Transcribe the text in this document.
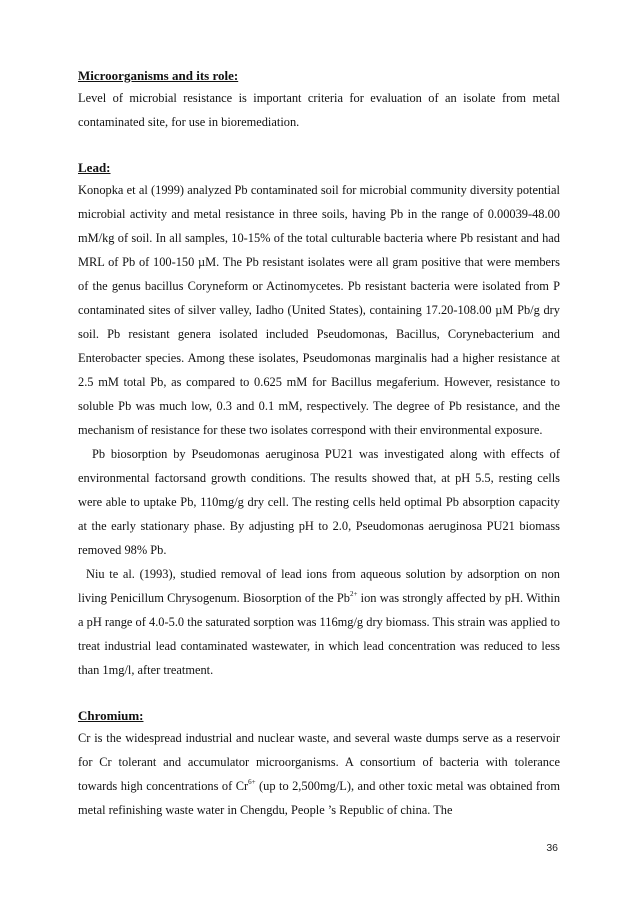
Microorganisms and its role:

Level of microbial resistance is important criteria for evaluation of an isolate from metal contaminated site, for use in bioremediation.

Lead:

Konopka et al (1999) analyzed Pb contaminated soil for microbial community diversity potential microbial activity and metal resistance in three soils, having Pb in the range of 0.00039-48.00 mM/kg of soil. In all samples, 10-15% of the total culturable bacteria where Pb resistant and had MRL of Pb of 100-150 µM. The Pb resistant isolates were all gram positive that were members of the genus bacillus Coryneform or Actinomycetes. Pb resistant bacteria were isolated from P contaminated sites of silver valley, Iadho (United States), containing 17.20-108.00 µM Pb/g dry soil. Pb resistant genera isolated included Pseudomonas, Bacillus, Corynebacterium and Enterobacter species. Among these isolates, Pseudomonas marginalis had a higher resistance at 2.5 mM total Pb, as compared to 0.625 mM for Bacillus megaferium. However, resistance to soluble Pb was much low, 0.3 and 0.1 mM, respectively. The degree of Pb resistance, and the mechanism of resistance for these two isolates correspond with their environmental exposure.

Pb biosorption by Pseudomonas aeruginosa PU21 was investigated along with effects of environmental factorsand growth conditions. The results showed that, at pH 5.5, resting cells were able to uptake Pb, 110mg/g dry cell. The resting cells held optimal Pb absorption capacity at the early stationary phase. By adjusting pH to 2.0, Pseudomonas aeruginosa PU21 biomass removed 98% Pb.

Niu te al. (1993), studied removal of lead ions from aqueous solution by adsorption on non living Penicillum Chrysogenum. Biosorption of the $Pb^{2+}$ ion was strongly affected by pH. Within a pH range of 4.0-5.0 the saturated sorption was 116mg/g dry biomass. This strain was applied to treat industrial lead contaminated wastewater, in which lead concentration was reduced to less than 1mg/l, after treatment.

Chromium:

Cr is the widespread industrial and nuclear waste, and several waste dumps serve as a reservoir for Cr tolerant and accumulator microorganisms. A consortium of bacteria with tolerance towards high concentrations of $Cr^{6+}$ (up to 2,500mg/L), and other toxic metal was obtained from metal refinishing waste water in Chengdu, People ’s Republic of china. The

36
